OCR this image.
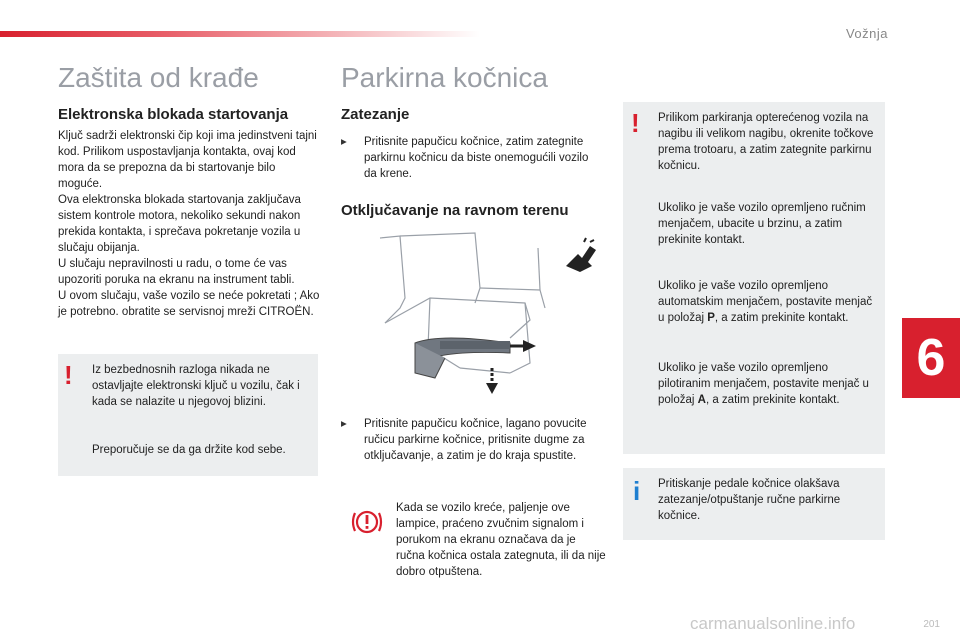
Vožnja
6
Zaštita od krađe
Elektronska blokada startovanja

Ključ sadrži elektronski čip koji ima jedinstveni tajni kod. Prilikom uspostavljanja kontakta, ovaj kod mora da se prepozna da bi startovanje bilo moguće.

Ova elektronska blokada startovanja zaključava sistem kontrole motora, nekoliko sekundi nakon prekida kontakta, i sprečava pokretanje vozila u slučaju obijanja.

U slučaju nepravilnosti u radu, o tome će vas upozoriti poruka na ekranu na instrument tabli.

U ovom slučaju, vaše vozilo se neće pokretati ; Ako je potrebno. obratite se servisnoj mreži CITROËN.

! Iz bezbednosnih razloga nikada ne ostavljajte elektronski ključ u vozilu, čak i kada se nalazite u njegovoj blizini.
Preporučuje se da ga držite kod sebe.
Parkirna kočnica
Zatezanje
▸ Pritisnite papučicu kočnice, zatim zategnite parkirnu kočnicu da biste onemogućili vozilo da krene.
Otključavanje na ravnom terenu
▸ Pritisnite papučicu kočnice, lagano povucite ručicu parkirne kočnice, pritisnite dugme za otključavanje, a zatim je do kraja spustite.
Kada se vozilo kreće, paljenje ove lampice, praćeno zvučnim signalom i porukom na ekranu označava da je ručna kočnica ostala zategnuta, ili da nije dobro otpuštena.
! Prilikom parkiranja opterećenog vozila na nagibu ili velikom nagibu, okrenite točkove prema trotoaru, a zatim zategnite parkirnu kočnicu.
Ukoliko je vaše vozilo opremljeno ručnim menjačem, ubacite u brzinu, a zatim prekinite kontakt.
Ukoliko je vaše vozilo opremljeno automatskim menjačem, postavite menjač u položaj P, a zatim prekinite kontakt.
Ukoliko je vaše vozilo opremljeno pilotiranim menjačem, postavite menjač u položaj A, a zatim prekinite kontakt.
i Pritiskanje pedale kočnice olakšava zatezanje/otpuštanje ručne parkirne kočnice.
201
carmanualsonline.info
